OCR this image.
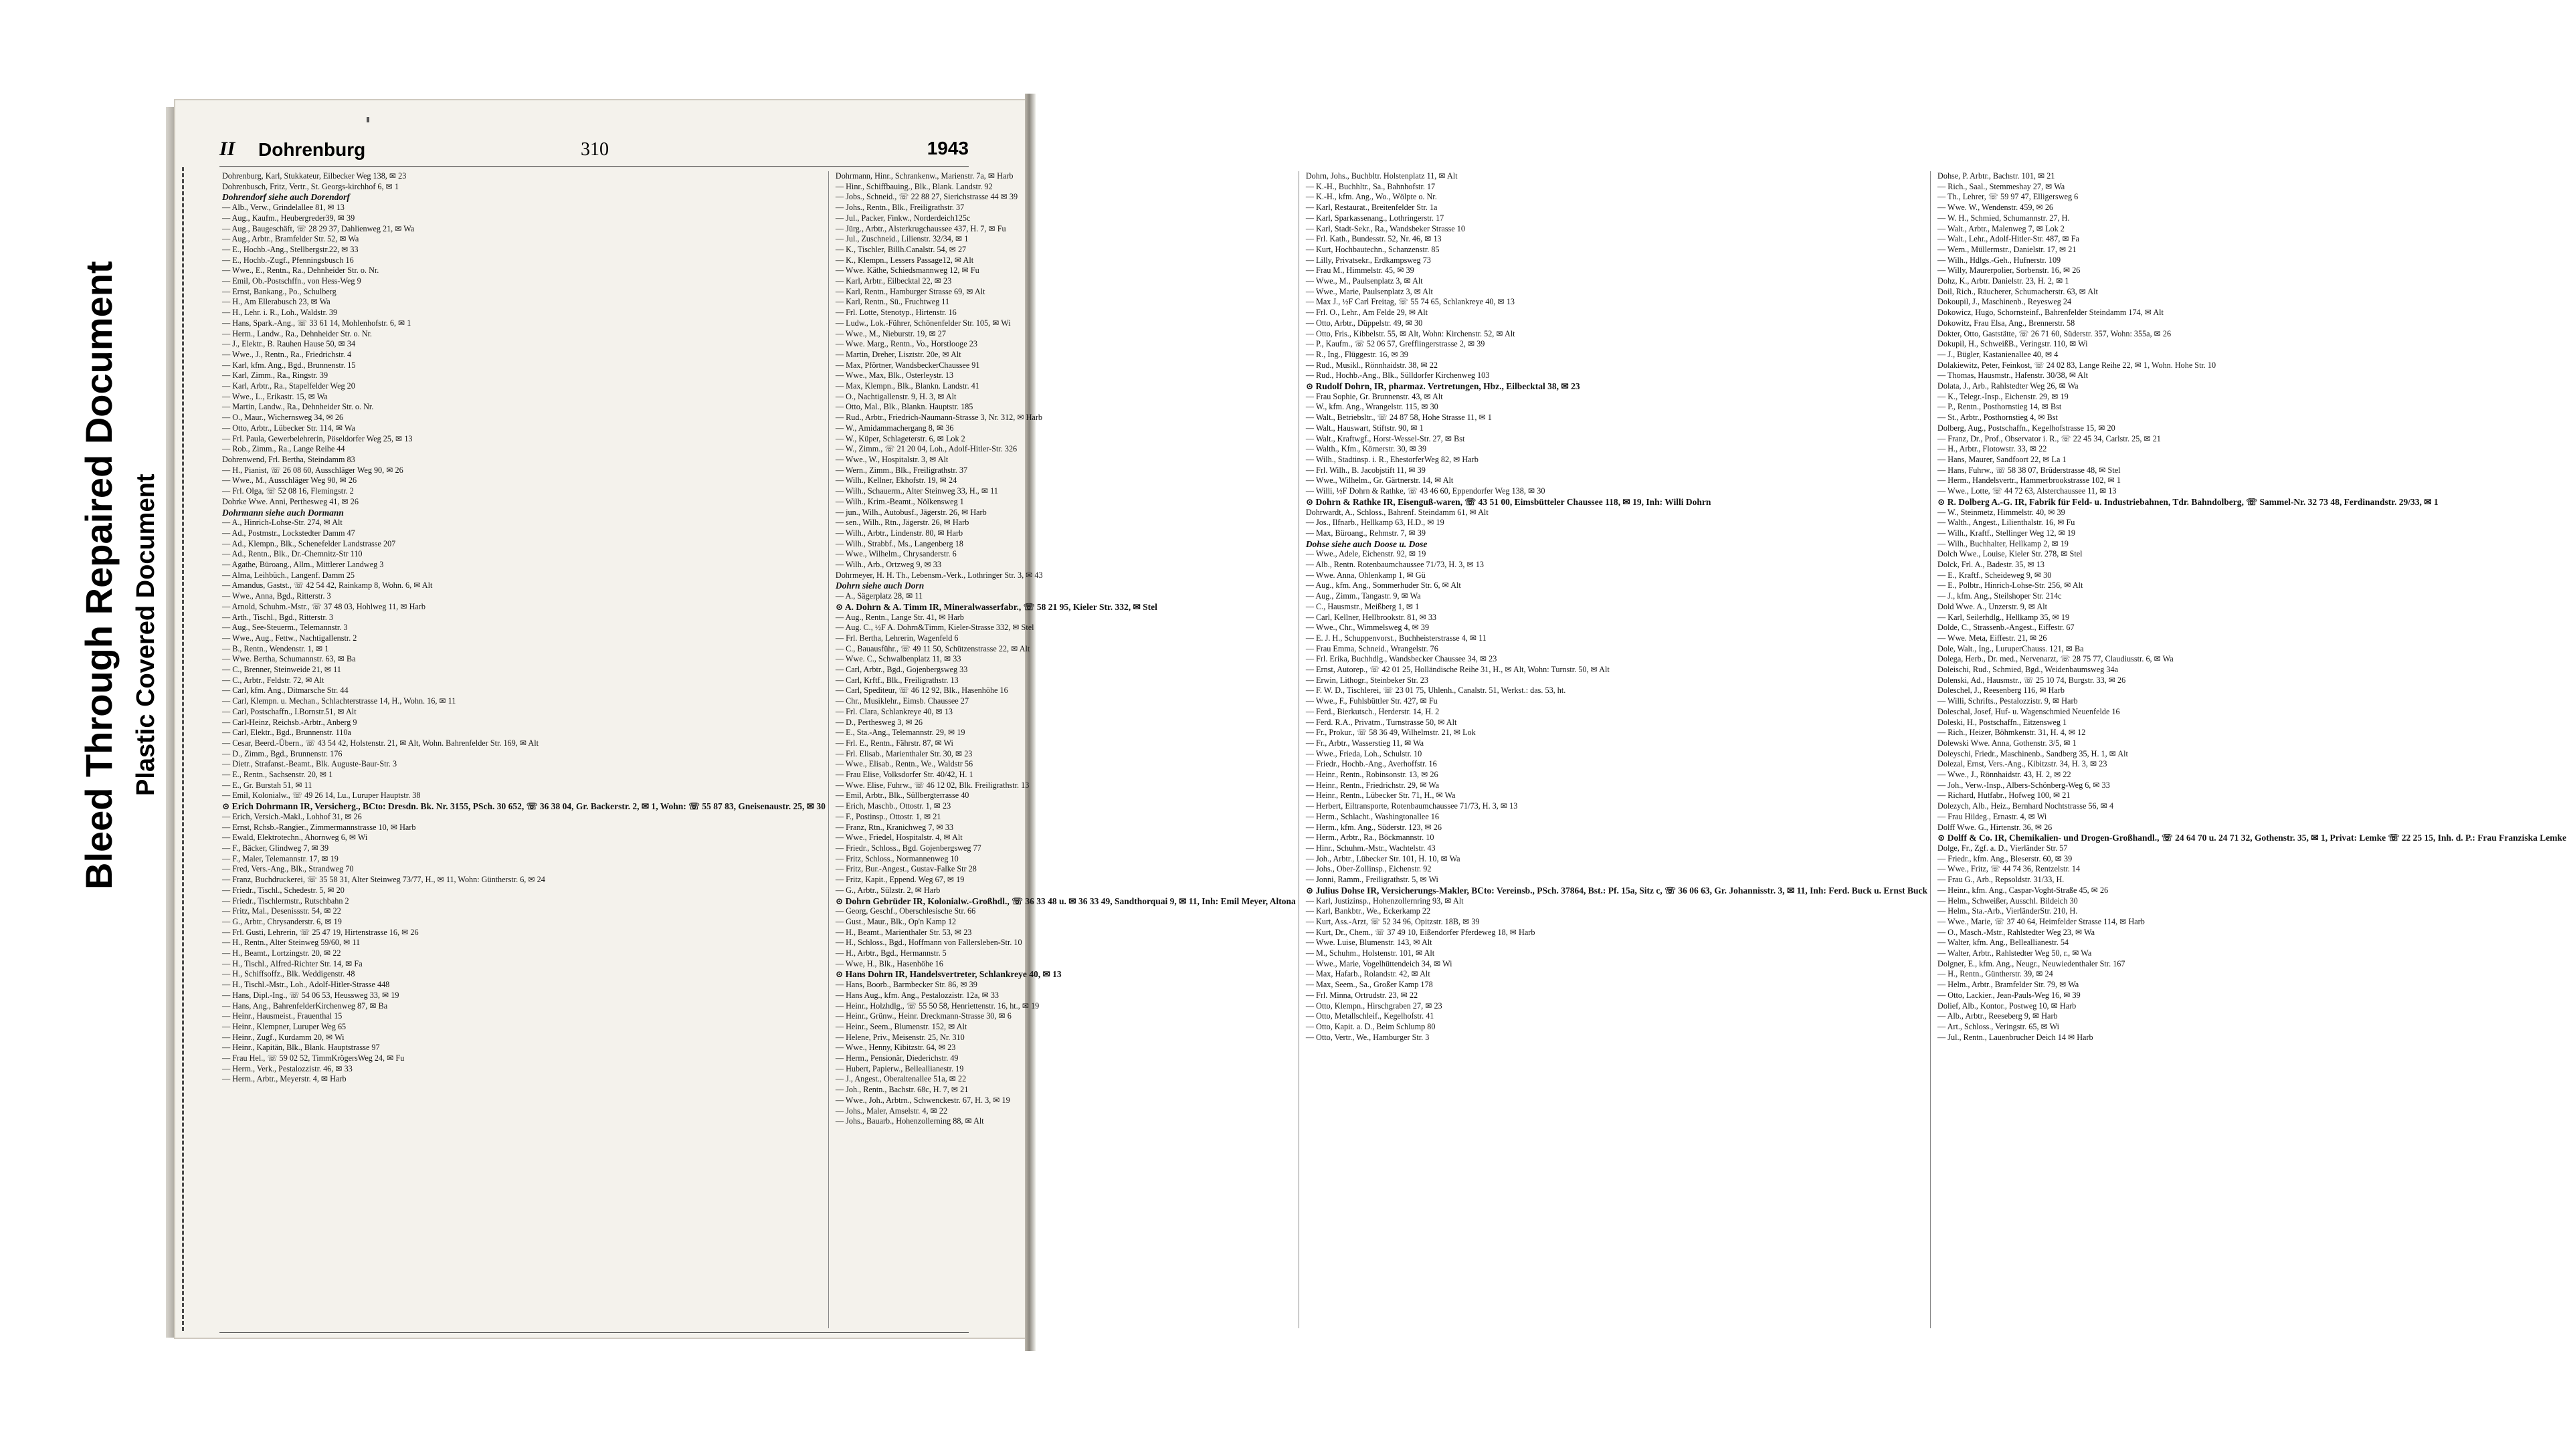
Bleed Through Repaired Document Plastic Covered Document
II Dohrenburg	310	1943

Dohrenburg, Karl, Stukkateur, Eilbecker Weg 138, ✉ 23

Dohrenbusch, Fritz, Vertr., St. Georgs-kirchhof 6, ✉ 1

Dohrendorf siehe auch Dorendorf

— Alb., Verw., Grindelallee 81, ✉ 13

— Aug., Kaufm., Heubergreder39, ✉ 39

— Aug., Baugeschäft, ☏ 28 29 37, Dahlienweg 21, ✉ Wa

— Aug., Arbtr., Bramfelder Str. 52, ✉ Wa

— E., Hochb.-Ang., Stellbergstr.22, ✉ 33

— E., Hochb.-Zugf., Pfenningsbusch 16

— Wwe., E., Rentn., Ra., Dehnheider Str. o. Nr.

— Emil, Ob.-Postschffn., von Hess-Weg 9

— Ernst, Bankang., Po., Schulberg

— H., Am Ellerabusch 23, ✉ Wa

— H., Lehr. i. R., Loh., Waldstr. 39

— Hans, Spark.-Ang., ☏ 33 61 14, Mohlenhofstr. 6, ✉ 1

— Herm., Landw., Ra., Dehnheider Str. o. Nr.

— J., Elektr., B. Rauhen Hause 50, ✉ 34

— Wwe., J., Rentn., Ra., Friedrichstr. 4

— Karl, kfm. Ang., Bgd., Brunnenstr. 15

— Karl, Zimm., Ra., Ringstr. 39

— Karl, Arbtr., Ra., Stapelfelder Weg 20

— Wwe., L., Erikastr. 15, ✉ Wa

— Martin, Landw., Ra., Dehnheider Str. o. Nr.

— O., Maur., Wichernsweg 34, ✉ 26

— Otto, Arbtr., Lübecker Str. 114, ✉ Wa

— Frl. Paula, Gewerbelehrerin, Pöseldorfer Weg 25, ✉ 13

— Rob., Zimm., Ra., Lange Reihe 44

Dohrenwend, Frl. Bertha, Steindamm 83

— H., Pianist, ☏ 26 08 60, Ausschläger Weg 90, ✉ 26

— Wwe., M., Ausschläger Weg 90, ✉ 26

— Frl. Olga, ☏ 52 08 16, Flemingstr. 2

Dohrke Wwe. Anni, Perthesweg 41, ✉ 26

Dohrmann siehe auch Dormann

— A., Hinrich-Lohse-Str. 274, ✉ Alt

— Ad., Postmstr., Lockstedter Damm 47

— Ad., Klempn., Blk., Schenefelder Landstrasse 207

— Ad., Rentn., Blk., Dr.-Chemnitz-Str 110

— Agathe, Büroang., Allm., Mittlerer Landweg 3

— Alma, Leihbüch., Langenf. Damm 25

— Amandus, Gastst., ☏ 42 54 42, Rainkamp 8, Wohn. 6, ✉ Alt

— Wwe., Anna, Bgd., Ritterstr. 3

— Arnold, Schuhm.-Mstr., ☏ 37 48 03, Hohlweg 11, ✉ Harb

— Arth., Tischl., Bgd., Ritterstr. 3

— Aug., See-Steuerm., Telemannstr. 3

— Wwe., Aug., Fettw., Nachtigallenstr. 2

— B., Rentn., Wendenstr. 1, ✉ 1

— Wwe. Bertha, Schumannstr. 63, ✉ Ba

— C., Brenner, Steinweide 21, ✉ 11

— C., Arbtr., Feldstr. 72, ✉ Alt

— Carl, kfm. Ang., Ditmarsche Str. 44

— Carl, Klempn. u. Mechan., Schlachterstrasse 14, H., Wohn. 16, ✉ 11

— Carl, Postschaffn., I.Bornstr.51, ✉ Alt

— Carl-Heinz, Reichsb.-Arbtr., Anberg 9

— Carl, Elektr., Bgd., Brunnenstr. 110a

— Cesar, Beerd.-Übern., ☏ 43 54 42, Holstenstr. 21, ✉ Alt, Wohn. Bahrenfelder Str. 169, ✉ Alt

— D., Zimm., Bgd., Brunnenstr. 176

— Dietr., Strafanst.-Beamt., Blk. Auguste-Baur-Str. 3

— E., Rentn., Sachsenstr. 20, ✉ 1

— E., Gr. Burstah 51, ✉ 11

— Emil, Kolonialw., ☏ 49 26 14, Lu., Luruper Hauptstr. 38

⊙ Erich Dohrmann IR, Versicherg., BCto: Dresdn. Bk. Nr. 3155, PSch. 30 652, ☏ 36 38 04, Gr. Backerstr. 2, ✉ 1, Wohn: ☏ 55 87 83, Gneisenaustr. 25, ✉ 30

— Erich, Versich.-Makl., Lohhof 31, ✉ 26

— Ernst, Rchsb.-Rangier., Zimmermannstrasse 10, ✉ Harb

— Ewald, Elektrotechn., Ahornweg 6, ✉ Wi

— F., Bäcker, Glindweg 7, ✉ 39

— F., Maler, Telemannstr. 17, ✉ 19

— Fred, Vers.-Ang., Blk., Strandweg 70

— Franz, Buchdruckerei, ☏ 35 58 31, Alter Steinweg 73/77, H., ✉ 11, Wohn: Güntherstr. 6, ✉ 24

— Friedr., Tischl., Schedestr. 5, ✉ 20

— Friedr., Tischlermstr., Rutschbahn 2

— Fritz, Mal., Desenissstr. 54, ✉ 22

— G., Arbtr., Chrysanderstr. 6, ✉ 19

— Frl. Gusti, Lehrerin, ☏ 25 47 19, Hirtenstrasse 16, ✉ 26

— H., Rentn., Alter Steinweg 59/60, ✉ 11

— H., Beamt., Lortzingstr. 20, ✉ 22

— H., Tischl., Alfred-Richter Str. 14, ✉ Fa

— H., Schiffsoffz., Blk. Weddigenstr. 48

— H., Tischl.-Mstr., Loh., Adolf-Hitler-Strasse 448

— Hans, Dipl.-Ing., ☏ 54 06 53, Heussweg 33, ✉ 19

— Hans, Ang., BahrenfelderKirchenweg 87, ✉ Ba

— Heinr., Hausmeist., Frauenthal 15

— Heinr., Klempner, Luruper Weg 65

— Heinr., Zugf., Kurdamm 20, ✉ Wi

— Heinr., Kapitän, Blk., Blank. Hauptstrasse 97

— Frau Hel., ☏ 59 02 52, TimmKrögersWeg 24, ✉ Fu

— Herm., Verk., Pestalozzistr. 46, ✉ 33

— Herm., Arbtr., Meyerstr. 4, ✉ Harb

Dohrmann, Hinr., Schrankenw., Marienstr. 7a, ✉ Harb

— Hinr., Schiffbauing., Blk., Blank. Landstr. 92

— Jobs., Schneid., ☏ 22 88 27, Sierichstrasse 44 ✉ 39

— Johs., Rentn., Blk., Freiligrathstr. 37

— Jul., Packer, Finkw., Norderdeich125c

— Jürg., Arbtr., Alsterkrugchaussee 437, H. 7, ✉ Fu

— Jul., Zuschneid., Lilienstr. 32/34, ✉ 1

— K., Tischler, Billh.Canalstr. 54, ✉ 27

— K., Klempn., Lessers Passage12, ✉ Alt

— Wwe. Käthe, Schiedsmannweg 12, ✉ Fu

— Karl, Arbtr., Eilbecktal 22, ✉ 23

— Karl, Rentn., Hamburger Strasse 69, ✉ Alt

— Karl, Rentn., Sü., Fruchtweg 11

— Frl. Lotte, Stenotyp., Hirtenstr. 16

— Ludw., Lok.-Führer, Schönenfelder Str. 105, ✉ Wi

— Wwe., M., Nieburstr. 19, ✉ 27

— Wwe. Marg., Rentn., Vo., Horstlooge 23

— Martin, Dreher, Lisztstr. 20e, ✉ Alt

— Max, Pförtner, WandsbeckerChaussee 91

— Wwe., Max, Blk., Osterleystr. 13

— Max, Klempn., Blk., Blankn. Landstr. 41

— O., Nachtigallenstr. 9, H. 3, ✉ Alt

— Otto, Mal., Blk., Blankn. Hauptstr. 185

— Rud., Arbtr., Friedrich-Naumann-Strasse 3, Nr. 312, ✉ Harb

— W., Amidammachergang 8, ✉ 36

— W., Küper, Schlageterstr. 6, ✉ Lok 2

— W., Zimm., ☏ 21 20 04, Loh., Adolf-Hitler-Str. 326

— Wwe., W., Hospitalstr. 3, ✉ Alt

— Wern., Zimm., Blk., Freiligrathstr. 37

— Wilh., Kellner, Ekhofstr. 19, ✉ 24

— Wilh., Schauerm., Alter Steinweg 33, H., ✉ 11

— Wilh., Krim.-Beamt., Nölkensweg 1

— jun., Wilh., Autobusf., Jägerstr. 26, ✉ Harb

— sen., Wilh., Rtn., Jägerstr. 26, ✉ Harb

— Wilh., Arbtr., Lindenstr. 80, ✉ Harb

— Wilh., Strabbf., Ms., Langenberg 18

— Wwe., Wilhelm., Chrysanderstr. 6

— Wilh., Arb., Ortzweg 9, ✉ 33

Dohrmeyer, H. H. Th., Lebensm.-Verk., Lothringer Str. 3, ✉ 43

Dohrn siehe auch Dorn

— A., Sägerplatz 28, ✉ 11

⊙ A. Dohrn & A. Timm IR, Mineralwasserfabr., ☏ 58 21 95, Kieler Str. 332, ✉ Stel

— Aug., Rentn., Lange Str. 41, ✉ Harb

— Aug. C., ½F A. Dohrn&Timm, Kieler-Strasse 332, ✉ Stel

— Frl. Bertha, Lehrerin, Wagenfeld 6

— C., Bauausführ., ☏ 49 11 50, Schützenstrasse 22, ✉ Alt

— Wwe. C., Schwalbenplatz 11, ✉ 33

— Carl, Arbtr., Bgd., Gojenbergsweg 33

— Carl, Krftf., Blk., Freiligrathstr. 13

— Carl, Spediteur, ☏ 46 12 92, Blk., Hasenhöhe 16

— Chr., Musiklehr., Eimsb. Chaussee 27

— Frl. Clara, Schlankreye 40, ✉ 13

— D., Perthesweg 3, ✉ 26

— E., Sta.-Ang., Telemannstr. 29, ✉ 19

— Frl. E., Rentn., Fährstr. 87, ✉ Wi

— Frl. Elisab., Marienthaler Str. 30, ✉ 23

— Wwe., Elisab., Rentn., We., Waldstr 56

— Frau Elise, Volksdorfer Str. 40/42, H. 1

— Wwe. Elise, Fuhrw., ☏ 46 12 02, Blk. Freiligrathstr. 13

— Emil, Arbtr., Blk., Süllbergterrasse 40

— Erich, Maschb., Ottostr. 1, ✉ 23

— F., Postinsp., Ottostr. 1, ✉ 21

— Franz, Rtn., Kranichweg 7, ✉ 33

— Wwe., Friedel, Hospitalstr. 4, ✉ Alt

— Friedr., Schloss., Bgd. Gojenbergsweg 77

— Fritz, Schloss., Normannenweg 10

— Fritz, Bur.-Angest., Gustav-Falke Str 28

— Fritz, Kapit., Eppend. Weg 67, ✉ 19

— G., Arbtr., Sülzstr. 2, ✉ Harb

⊙ Dohrn Gebrüder IR, Kolonialw.-Großhdl., ☏ 36 33 48 u. ✉ 36 33 49, Sandthorquai 9, ✉ 11, Inh: Emil Meyer, Altona

— Georg, Geschf., Oberschlesische Str. 66

— Gust., Maur., Blk., Op'n Kamp 12

— H., Beamt., Marienthaler Str. 53, ✉ 23

— H., Schloss., Bgd., Hoffmann von Fallersleben-Str. 10

— H., Arbtr., Bgd., Hermannstr. 5

— Wwe, H., Blk., Hasenhöhe 16

⊙ Hans Dohrn IR, Handelsvertreter, Schlankreye 40, ✉ 13

— Hans, Boorb., Barmbecker Str. 86, ✉ 39

— Hans Aug., kfm. Ang., Pestalozzistr. 12a, ✉ 33

— Heinr., Holzhdlg., ☏ 55 50 58, Henriettenstr. 16, ht., ✉ 19

— Heinr., Grünw., Heinr. Dreckmann-Strasse 30, ✉ 6

— Heinr., Seem., Blumenstr. 152, ✉ Alt

— Helene, Priv., Meisenstr. 25, Nr. 310

— Wwe., Henny, Kibitzstr. 64, ✉ 23

— Herm., Pensionär, Diederichstr. 49

— Hubert, Papierw., Belleallianestr. 19

— J., Angest., Oberaltenallee 51a, ✉ 22

— Joh., Rentn., Bachstr. 68c, H. 7, ✉ 21

— Wwe., Joh., Arbtrn., Schwenckestr. 67, H. 3, ✉ 19

— Johs., Maler, Amselstr. 4, ✉ 22

— Johs., Bauarb., Hohenzollerning 88, ✉ Alt

Dohrn, Johs., Buchbltr. Holstenplatz 11, ✉ Alt

— K.-H., Buchhltr., Sa., Bahnhofstr. 17

— K.-H., kfm. Ang., Wo., Wölpte o. Nr.

— Karl, Restaurat., Breitenfelder Str. 1a

— Karl, Sparkassenang., Lothringerstr. 17

— Karl, Stadt-Sekr., Ra., Wandsbeker Strasse 10

— Frl. Kath., Bundesstr. 52, Nr. 46, ✉ 13

— Kurt, Hochbautechn., Schanzenstr. 85

— Lilly, Privatsekr., Erdkampsweg 73

— Frau M., Himmelstr. 45, ✉ 39

— Wwe., M., Paulsenplatz 3, ✉ Alt

— Wwe., Marie, Paulsenplatz 3, ✉ Alt

— Max J., ½F Carl Freitag, ☏ 55 74 65, Schlankreye 40, ✉ 13

— Frl. O., Lehr., Am Felde 29, ✉ Alt

— Otto, Arbtr., Düppelstr. 49, ✉ 30

— Otto, Fris., Kibbelstr. 55, ✉ Alt, Wohn: Kirchenstr. 52, ✉ Alt

— P., Kaufm., ☏ 52 06 57, Grefflingerstrasse 2, ✉ 39

— R., Ing., Flüggestr. 16, ✉ 39

— Rud., Musikl., Rönnhaidstr. 38, ✉ 22

— Rud., Hochb.-Ang., Blk., Sülldorfer Kirchenweg 103

⊙ Rudolf Dohrn, IR, pharmaz. Vertretungen, Hbz., Eilbecktal 38, ✉ 23

— Frau Sophie, Gr. Brunnenstr. 43, ✉ Alt

— W., kfm. Ang., Wrangelstr. 115, ✉ 30

— Walt., Betriebsltr., ☏ 24 87 58, Hohe Strasse 11, ✉ 1

— Walt., Hauswart, Stiftstr. 90, ✉ 1

— Walt., Kraftwgf., Horst-Wessel-Str. 27, ✉ Bst

— Walth., Kfm., Körnerstr. 30, ✉ 39

— Wilh., Stadtinsp. i. R., EhestorferWeg 82, ✉ Harb

— Frl. Wilh., B. Jacobjstift 11, ✉ 39

— Wwe., Wilhelm., Gr. Gärtnerstr. 14, ✉ Alt

— Willi, ½F Dohrn & Rathke, ☏ 43 46 60, Eppendorfer Weg 138, ✉ 30

⊙ Dohrn & Rathke IR, Eisenguß-waren, ☏ 43 51 00, Eimsbütteler Chaussee 118, ✉ 19, Inh: Willi Dohrn

Dohrwardt, A., Schloss., Bahrenf. Steindamm 61, ✉ Alt

— Jos., Ilfnarb., Hellkamp 63, H.D., ✉ 19

— Max, Büroang., Rehmstr. 7, ✉ 39

Dohse siehe auch Doose u. Dose

— Wwe., Adele, Eichenstr. 92, ✉ 19

— Alb., Rentn. Rotenbaumchaussee 71/73, H. 3, ✉ 13

— Wwe. Anna, Ohlenkamp 1, ✉ Gü

— Aug., kfm. Ang., Sommerhuder Str. 6, ✉ Alt

— Aug., Zimm., Tangastr. 9, ✉ Wa

— C., Hausmstr., Meißberg 1, ✉ 1

— Carl, Kellner, Hellbrookstr. 81, ✉ 33

— Wwe., Chr., Wimmelsweg 4, ✉ 39

— E. J. H., Schuppenvorst., Buchheisterstrasse 4, ✉ 11

— Frau Emma, Schneid., Wrangelstr. 76

— Frl. Erika, Buchhdlg., Wandsbecker Chaussee 34, ✉ 23

— Ernst, Autorep., ☏ 42 01 25, Holländische Reihe 31, H., ✉ Alt, Wohn: Turnstr. 50, ✉ Alt

— Erwin, Lithogr., Steinbeker Str. 23

— F. W. D., Tischlerei, ☏ 23 01 75, Uhlenh., Canalstr. 51, Werkst.: das. 53, ht.

— Wwe., F., Fuhlsbüttler Str. 427, ✉ Fu

— Ferd., Bierkutsch., Herderstr. 14, H. 2

— Ferd. R.A., Privatm., Turnstrasse 50, ✉ Alt

— Fr., Prokur., ☏ 58 36 49, Wilhelmstr. 21, ✉ Lok

— Fr., Arbtr., Wasserstieg 11, ✉ Wa

— Wwe., Frieda, Loh., Schulstr. 10

— Friedr., Hochb.-Ang., Averhoffstr. 16

— Heinr., Rentn., Robinsonstr. 13, ✉ 26

— Heinr., Rentn., Friedrichstr. 29, ✉ Wa

— Heinr., Rentn., Lübecker Str. 71, H., ✉ Wa

— Herbert, Eiltransporte, Rotenbaumchaussee 71/73, H. 3, ✉ 13

— Herm., Schlacht., Washingtonallee 16

— Herm., kfm. Ang., Süderstr. 123, ✉ 26

— Herm., Arbtr., Ra., Böckmannstr. 10

— Hinr., Schuhm.-Mstr., Wachtelstr. 43

— Joh., Arbtr., Lübecker Str. 101, H. 10, ✉ Wa

— Johs., Ober-Zollinsp., Eichenstr. 92

— Jonni, Ramm., Freiligrathstr. 5, ✉ Wi

⊙ Julius Dohse IR, Versicherungs-Makler, BCto: Vereinsb., PSch. 37864, Bst.: Pf. 15a, Sitz c, ☏ 36 06 63, Gr. Johannisstr. 3, ✉ 11, Inh: Ferd. Buck u. Ernst Buck

— Karl, Justizinsp., Hohenzollernring 93, ✉ Alt

— Karl, Bankbtr., We., Eckerkamp 22

— Kurt, Ass.-Arzt, ☏ 52 34 96, Opitzstr. 18B, ✉ 39

— Kurt, Dr., Chem., ☏ 37 49 10, Eißendorfer Pferdeweg 18, ✉ Harb

— Wwe. Luise, Blumenstr. 143, ✉ Alt

— M., Schuhm., Holstenstr. 101, ✉ Alt

— Wwe., Marie, Vogelhüttendeich 34, ✉ Wi

— Max, Hafarb., Rolandstr. 42, ✉ Alt

— Max, Seem., Sa., Großer Kamp 178

— Frl. Minna, Ortrudstr. 23, ✉ 22

— Otto, Klempn., Hirschgraben 27, ✉ 23

— Otto, Metallschleif., Kegelhofstr. 41

— Otto, Kapit. a. D., Beim Schlump 80

— Otto, Vertr., We., Hamburger Str. 3

Dohse, P. Arbtr., Bachstr. 101, ✉ 21

— Rich., Saal., Stemmeshay 27, ✉ Wa

— Th., Lehrer, ☏ 59 97 47, Elligersweg 6

— Wwe. W., Wendenstr. 459, ✉ 26

— W. H., Schmied, Schumannstr. 27, H.

— Walt., Arbtr., Malenweg 7, ✉ Lok 2

— Walt., Lehr., Adolf-Hitler-Str. 487, ✉ Fa

— Wern., Müllermstr., Danielstr. 17, ✉ 21

— Wilh., Hdlgs.-Geh., Hufnerstr. 109

— Willy, Maurerpolier, Sorbenstr. 16, ✉ 26

Dohz, K., Arbtr. Danielstr. 23, H. 2, ✉ 1

Doil, Rich., Räucherer, Schumacherstr. 63, ✉ Alt

Dokoupil, J., Maschinenb., Reyesweg 24

Dokowicz, Hugo, Schornsteinf., Bahrenfelder Steindamm 174, ✉ Alt

Dokowitz, Frau Elsa, Ang., Brennerstr. 58

Dokter, Otto, Gaststätte, ☏ 26 71 60, Süderstr. 357, Wohn: 355a, ✉ 26

Dokupil, H., SchweißB., Veringstr. 110, ✉ Wi

— J., Bügler, Kastanienallee 40, ✉ 4

Dolakiewitz, Peter, Feinkost, ☏ 24 02 83, Lange Reihe 22, ✉ 1, Wohn. Hohe Str. 10

— Thomas, Hausmstr., Hafenstr. 30/38, ✉ Alt

Dolata, J., Arb., Rahlstedter Weg 26, ✉ Wa

— K., Telegr.-Insp., Eichenstr. 29, ✉ 19

— P., Rentn., Posthornstieg 14, ✉ Bst

— St., Arbtr., Posthornstieg 4, ✉ Bst

Dolberg, Aug., Postschaffn., Kegelhofstrasse 15, ✉ 20

— Franz, Dr., Prof., Observator i. R., ☏ 22 45 34, Carlstr. 25, ✉ 21

— H., Arbtr., Flotowstr. 33, ✉ 22

— Hans, Maurer, Sandfoort 22, ✉ La 1

— Hans, Fuhrw., ☏ 58 38 07, Brüderstrasse 48, ✉ Stel

— Herm., Handelsvertr., Hammerbrookstrasse 102, ✉ 1

— Wwe., Lotte, ☏ 44 72 63, Alsterchaussee 11, ✉ 13

⊙ R. Dolberg A.-G. IR, Fabrik für Feld- u. Industriebahnen, Tdr. Bahndolberg, ☏ Sammel-Nr. 32 73 48, Ferdinandstr. 29/33, ✉ 1

— W., Steinmetz, Himmelstr. 40, ✉ 39

— Walth., Angest., Lilienthalstr. 16, ✉ Fu

— Wilh., Kraftf., Stellinger Weg 12, ✉ 19

— Wilh., Buchhalter, Hellkamp 2, ✉ 19

Dolch Wwe., Louise, Kieler Str. 278, ✉ Stel

Dolck, Frl. A., Badestr. 35, ✉ 13

— E., Kraftf., Scheideweg 9, ✉ 30

— E., Polbtr., Hinrich-Lohse-Str. 256, ✉ Alt

— J., kfm. Ang., Steilshoper Str. 214c

Dold Wwe. A., Unzerstr. 9, ✉ Alt

— Karl, Seilerhdlg., Hellkamp 35, ✉ 19

Dolde, C., Strassenb.-Angest., Eiffestr. 67

— Wwe. Meta, Eiffestr. 21, ✉ 26

Dole, Walt., Ing., LuruperChauss. 121, ✉ Ba

Dolega, Herb., Dr. med., Nervenarzt, ☏ 28 75 77, Claudiusstr. 6, ✉ Wa

Doleischi, Rud., Schmied, Bgd., Weidenbaumsweg 34a

Dolenski, Ad., Hausmstr., ☏ 25 10 74, Burgstr. 33, ✉ 26

Doleschel, J., Reesenberg 116, ✉ Harb

— Willi, Schrifts., Pestalozzistr. 9, ✉ Harb

Doleschal, Josef, Huf- u. Wagenschmied Neuenfelde 16

Doleski, H., Postschaffn., Eitzensweg 1

— Rich., Heizer, Böhmkenstr. 31, H. 4, ✉ 12

Dolewski Wwe. Anna, Gothenstr. 3/5, ✉ 1

Doleyschi, Friedr., Maschinenb., Sandberg 35, H. 1, ✉ Alt

Dolezal, Ernst, Vers.-Ang., Kibitzstr. 34, H. 3, ✉ 23

— Wwe., J., Rönnhaidstr. 43, H. 2, ✉ 22

— Joh., Verw.-Insp., Albers-Schönberg-Weg 6, ✉ 33

— Richard, Hutfabr., Hofweg 100, ✉ 21

Dolezych, Alb., Heiz., Bernhard Nochtstrasse 56, ✉ 4

— Frau Hildeg., Ernastr. 4, ✉ Wi

Dolff Wwe. G., Hirtenstr. 36, ✉ 26

⊙ Dolff & Co. IR, Chemikalien- und Drogen-Großhandl., ☏ 24 64 70 u. 24 71 32, Gothenstr. 35, ✉ 1, Privat: Lemke ☏ 22 25 15, Inh. d. P.: Frau Franziska Lemke

Dolge, Fr., Zgf. a. D., Vierländer Str. 57

— Friedr., kfm. Ang., Bleserstr. 60, ✉ 39

— Wwe., Fritz, ☏ 44 74 36, Rentzelstr. 14

— Frau G., Arb., Repsoldstr. 31/33, H.

— Heinr., kfm. Ang., Caspar-Voght-Straße 45, ✉ 26

— Helm., Schweißer, Ausschl. Bildeich 30

— Helm., Sta.-Arb., VierländerStr. 210, H.

— Wwe., Marie, ☏ 37 40 64, Heimfelder Strasse 114, ✉ Harb

— O., Masch.-Mstr., Rahlstedter Weg 23, ✉ Wa

— Walter, kfm. Ang., Belleallianestr. 54

— Walter, Arbtr., Rahlstedter Weg 50, r., ✉ Wa

Dolgner, E., kfm. Ang., Neugr., Neuwiedenthaler Str. 167

— H., Rentn., Güntherstr. 39, ✉ 24

— Helm., Arbtr., Bramfelder Str. 79, ✉ Wa

— Otto, Lackier., Jean-Pauls-Weg 16, ✉ 39

Dolief, Alb., Kontor., Postweg 10, ✉ Harb

— Alb., Arbtr., Reeseberg 9, ✉ Harb

— Art., Schloss., Veringstr. 65, ✉ Wi

— Jul., Rentn., Lauenbrucher Deich 14 ✉ Harb
